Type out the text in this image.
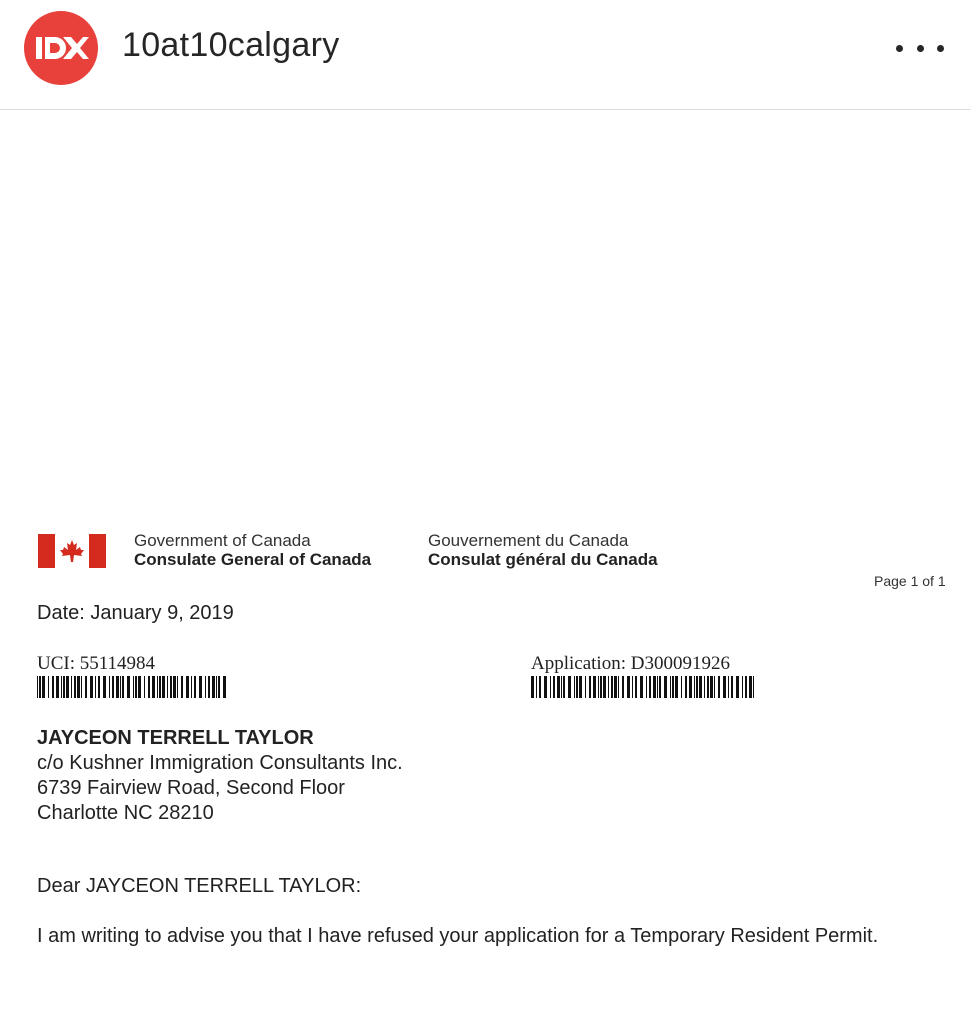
10at10calgary
Government of Canada
Consulate General of Canada
Gouvernement du Canada
Consulat général du Canada
Page 1 of 1
Date: January 9, 2019
UCI: 55114984	Application: D300091926
JAYCEON TERRELL TAYLOR
c/o Kushner Immigration Consultants Inc.
6739 Fairview Road, Second Floor
Charlotte NC 28210
Dear JAYCEON TERRELL TAYLOR:
I am writing to advise you that I have refused your application for a Temporary Resident Permit.
